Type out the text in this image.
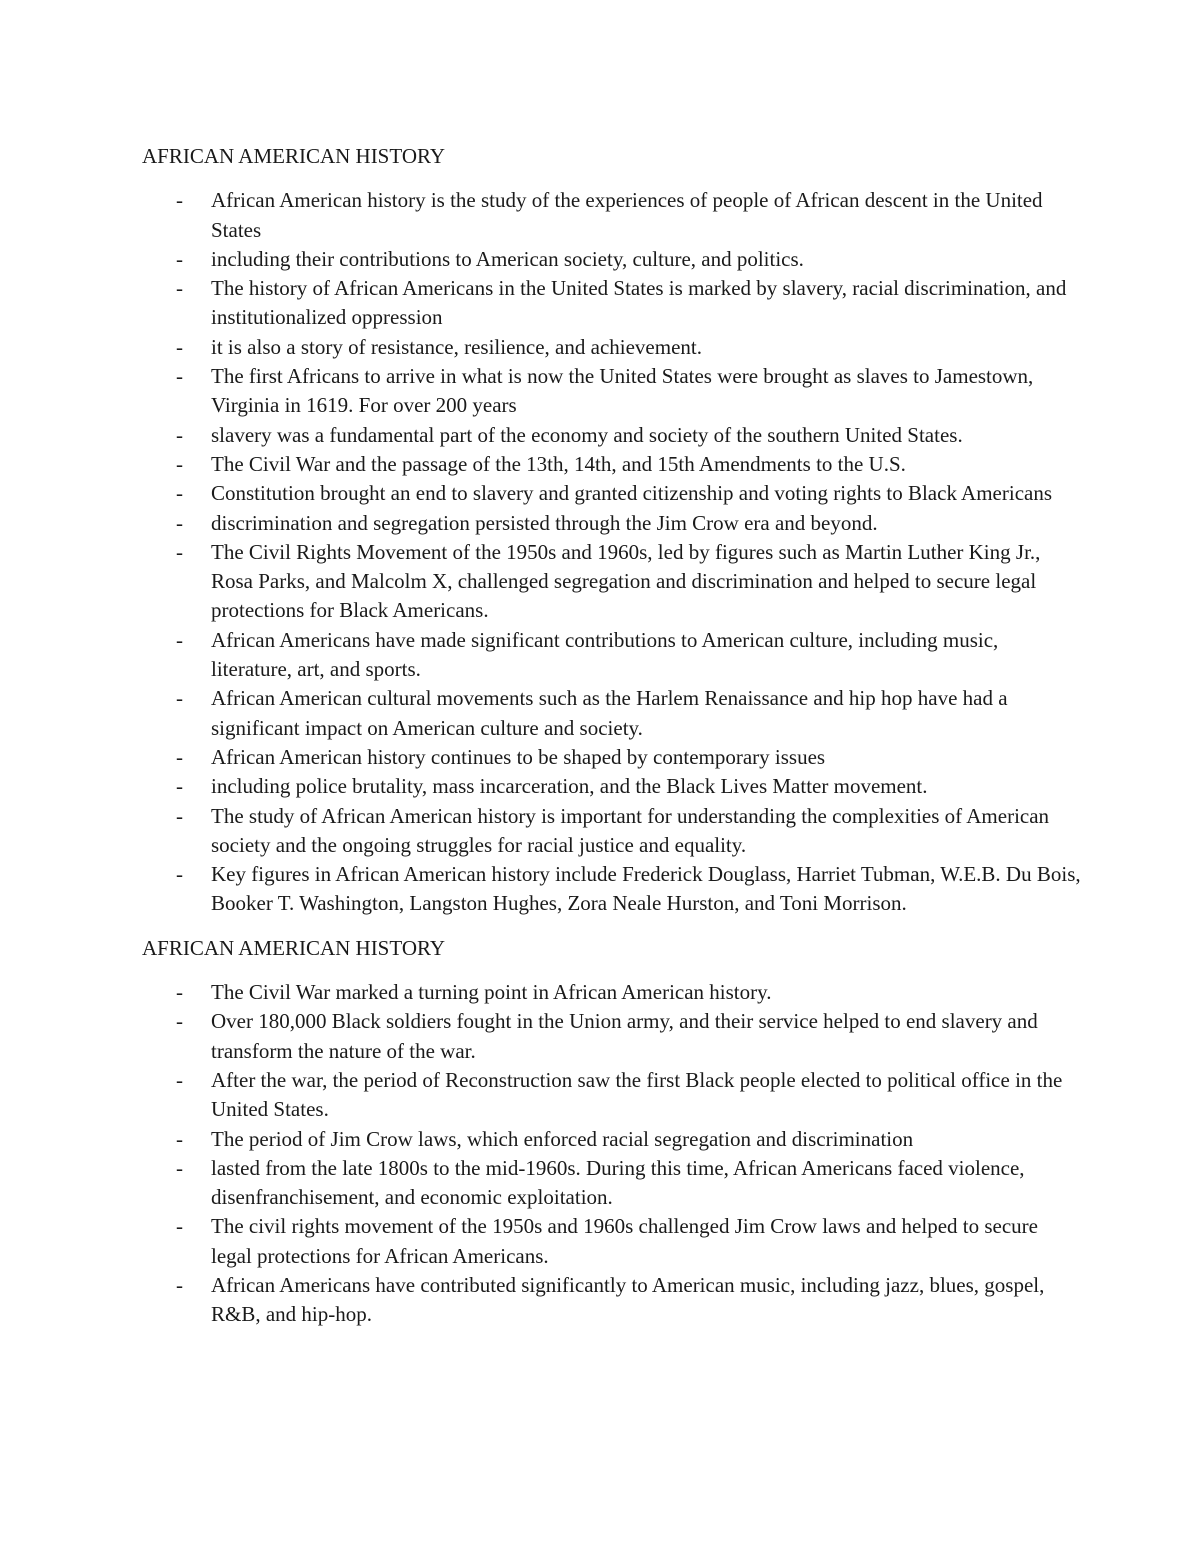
AFRICAN AMERICAN HISTORY

- African American history is the study of the experiences of people of African descent in the United States
- including their contributions to American society, culture, and politics.
- The history of African Americans in the United States is marked by slavery, racial discrimination, and institutionalized oppression
- it is also a story of resistance, resilience, and achievement.
- The first Africans to arrive in what is now the United States were brought as slaves to Jamestown, Virginia in 1619. For over 200 years
- slavery was a fundamental part of the economy and society of the southern United States.
- The Civil War and the passage of the 13th, 14th, and 15th Amendments to the U.S.
- Constitution brought an end to slavery and granted citizenship and voting rights to Black Americans
- discrimination and segregation persisted through the Jim Crow era and beyond.
- The Civil Rights Movement of the 1950s and 1960s, led by figures such as Martin Luther King Jr., Rosa Parks, and Malcolm X, challenged segregation and discrimination and helped to secure legal protections for Black Americans.
- African Americans have made significant contributions to American culture, including music, literature, art, and sports.
- African American cultural movements such as the Harlem Renaissance and hip hop have had a significant impact on American culture and society.
- African American history continues to be shaped by contemporary issues
- including police brutality, mass incarceration, and the Black Lives Matter movement.
- The study of African American history is important for understanding the complexities of American society and the ongoing struggles for racial justice and equality.
- Key figures in African American history include Frederick Douglass, Harriet Tubman, W.E.B. Du Bois, Booker T. Washington, Langston Hughes, Zora Neale Hurston, and Toni Morrison.

AFRICAN AMERICAN HISTORY

- The Civil War marked a turning point in African American history.
- Over 180,000 Black soldiers fought in the Union army, and their service helped to end slavery and transform the nature of the war.
- After the war, the period of Reconstruction saw the first Black people elected to political office in the United States.
- The period of Jim Crow laws, which enforced racial segregation and discrimination
- lasted from the late 1800s to the mid-1960s. During this time, African Americans faced violence, disenfranchisement, and economic exploitation.
- The civil rights movement of the 1950s and 1960s challenged Jim Crow laws and helped to secure legal protections for African Americans.
- African Americans have contributed significantly to American music, including jazz, blues, gospel, R&B, and hip-hop.
